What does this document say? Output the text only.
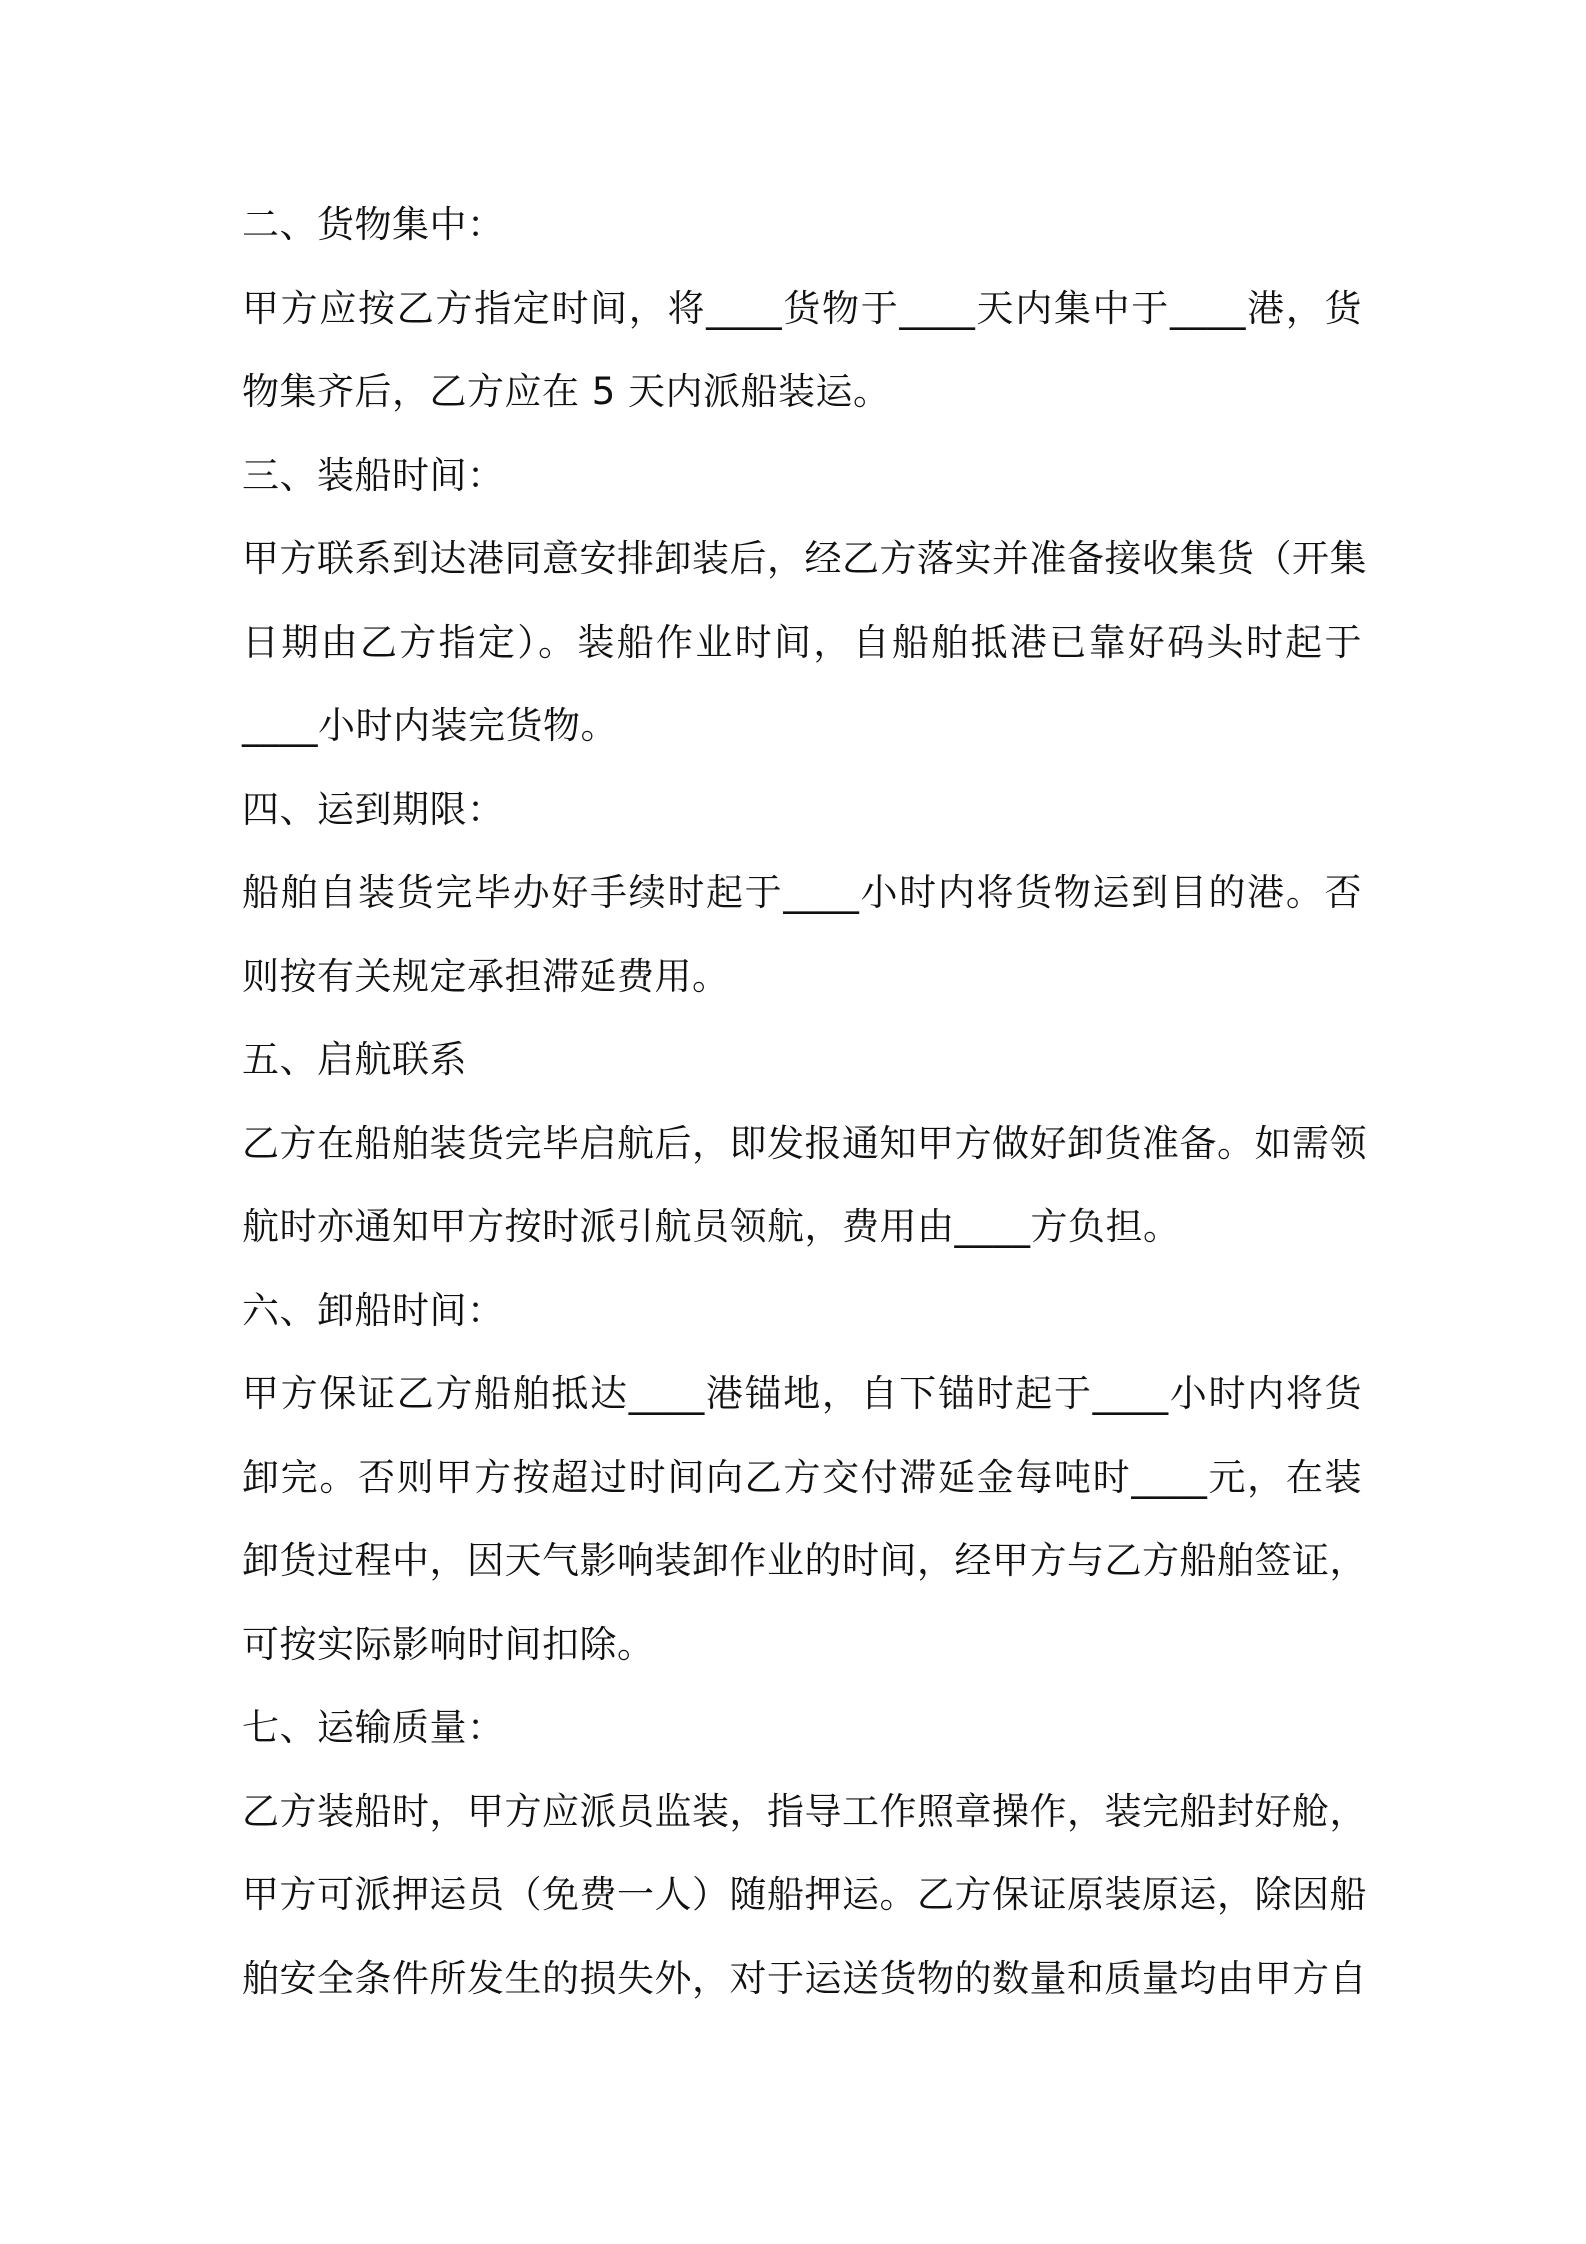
二、货物集中：
甲方应按乙方指定时间，将____货物于____天内集中于____港，货
物集齐后，乙方应在 5 天内派船装运。
三、装船时间：
甲方联系到达港同意安排卸装后，经乙方落实并准备接收集货（开集
日期由乙方指定）。装船作业时间，自船舶抵港已靠好码头时起于
____小时内装完货物。
四、运到期限：
船舶自装货完毕办好手续时起于____小时内将货物运到目的港。否
则按有关规定承担滞延费用。
五、启航联系
乙方在船舶装货完毕启航后，即发报通知甲方做好卸货准备。如需领
航时亦通知甲方按时派引航员领航，费用由____方负担。
六、卸船时间：
甲方保证乙方船舶抵达____港锚地，自下锚时起于____小时内将货
卸完。否则甲方按超过时间向乙方交付滞延金每吨时____元，在装
卸货过程中，因天气影响装卸作业的时间，经甲方与乙方船舶签证，
可按实际影响时间扣除。
七、运输质量：
乙方装船时，甲方应派员监装，指导工作照章操作，装完船封好舱，
甲方可派押运员（免费一人）随船押运。乙方保证原装原运，除因船
舶安全条件所发生的损失外，对于运送货物的数量和质量均由甲方自
